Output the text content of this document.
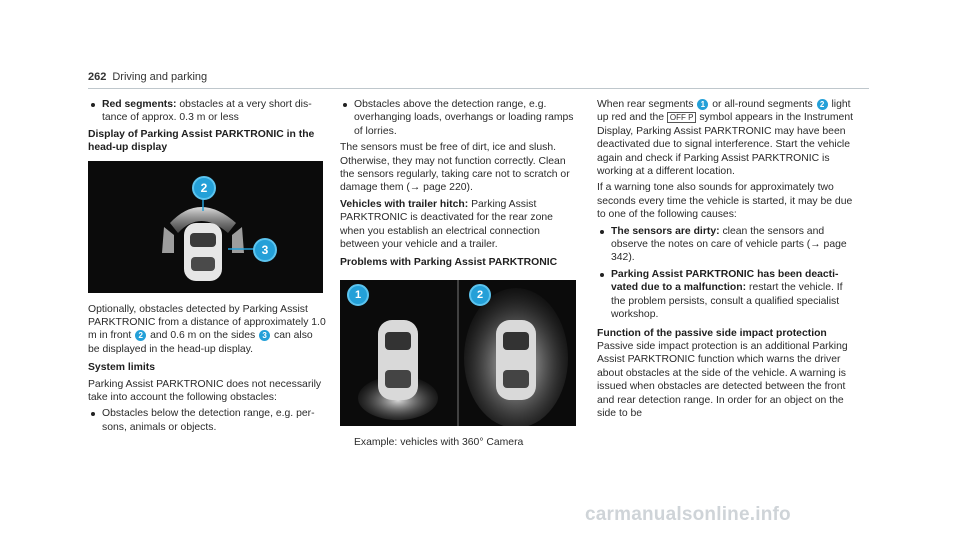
262 Driving and parking
Red segments: obstacles at a very short distance of approx. 0.3 m or less

Display of Parking Assist PARKTRONIC in the head-up display

2
3

Optionally, obstacles detected by Parking Assist PARKTRONIC from a distance of approximately 1.0 m in front 2 and 0.6 m on the sides 3 can also be displayed in the head-up display.

System limits

Parking Assist PARKTRONIC does not necessarily take into account the following obstacles:

Obstacles below the detection range, e.g. persons, animals or objects.
Obstacles above the detection range, e.g. overhanging loads, overhangs or loading ramps of lorries.

The sensors must be free of dirt, ice and slush. Otherwise, they may not function correctly. Clean the sensors regularly, taking care not to scratch or damage them (→ page 220).

Vehicles with trailer hitch: Parking Assist PARKTRONIC is deactivated for the rear zone when you establish an electrical connection between your vehicle and a trailer.

Problems with Parking Assist PARKTRONIC

1	2

Example: vehicles with 360° Camera

When rear segments 1 or all-round segments 2 light up red and the OFF P symbol appears in the Instrument Display, Parking Assist PARKTRONIC may have been deactivated due to signal interference. Start the vehicle again and check if Parking Assist PARKTRONIC is working at a different location.

If a warning tone also sounds for approximately two seconds every time the vehicle is started, it may be due to one of the following causes:

The sensors are dirty: clean the sensors and observe the notes on care of vehicle parts (→ page 342).
Parking Assist PARKTRONIC has been deactivated due to a malfunction: restart the vehicle. If the problem persists, consult a qualified specialist workshop.

Function of the passive side impact protection

Passive side impact protection is an additional Parking Assist PARKTRONIC function which warns the driver about obstacles at the side of the vehicle. A warning is issued when obstacles are detected between the front and rear detection range. In order for an object on the side to be

carmanualsonline.info
